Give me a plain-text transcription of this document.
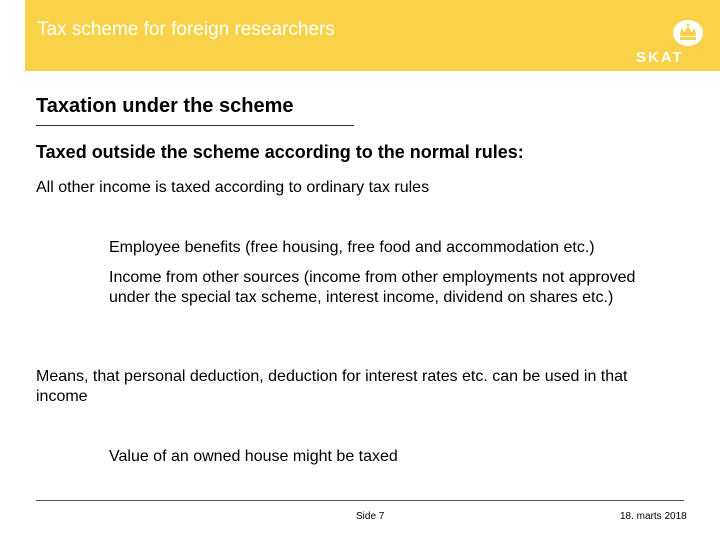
Tax scheme for foreign researchers
SKAT
Taxation under the scheme
Taxed outside the scheme according to the normal rules:
All other income is taxed according to ordinary tax rules
Employee benefits (free housing, free food and accommodation etc.)
Income from other sources (income from other employments not approved under the special tax scheme, interest income, dividend on shares etc.)
Means, that personal deduction, deduction for interest rates etc. can be used in that income
Value of an owned house might be taxed
Side 7	18. marts 2018
